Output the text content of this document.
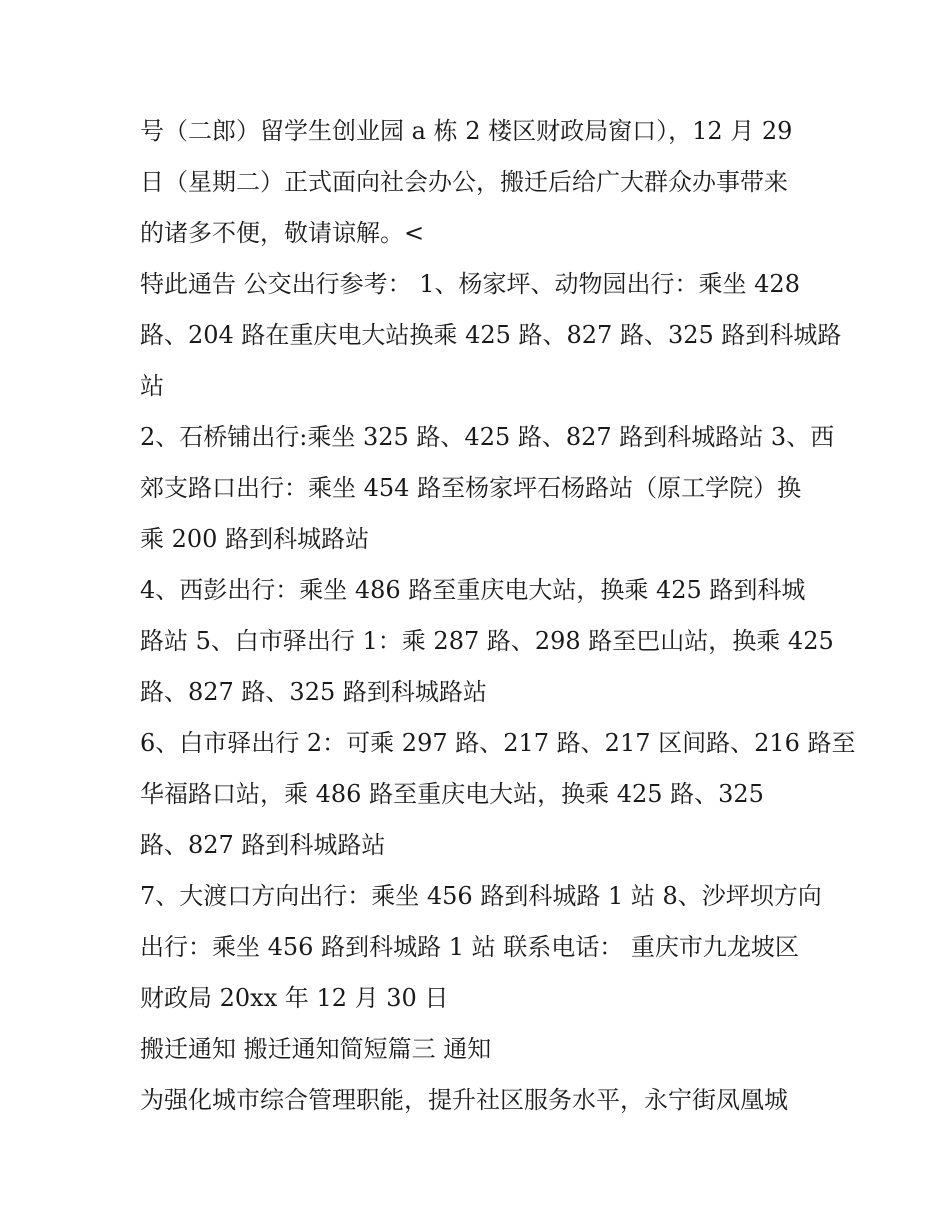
号（二郎）留学生创业园 a 栋 2 楼区财政局窗口），12 月 29
日（星期二）正式面向社会办公，搬迁后给广大群众办事带来
的诸多不便，敬请谅解。<
特此通告 公交出行参考： 1、杨家坪、动物园出行：乘坐 428
路、204 路在重庆电大站换乘 425 路、827 路、325 路到科城路
站
2、石桥铺出行:乘坐 325 路、425 路、827 路到科城路站 3、西
郊支路口出行：乘坐 454 路至杨家坪石杨路站（原工学院）换
乘 200 路到科城路站
4、西彭出行：乘坐 486 路至重庆电大站，换乘 425 路到科城
路站 5、白市驿出行 1：乘 287 路、298 路至巴山站，换乘 425
路、827 路、325 路到科城路站
6、白市驿出行 2：可乘 297 路、217 路、217 区间路、216 路至
华福路口站，乘 486 路至重庆电大站，换乘 425 路、325
路、827 路到科城路站
7、大渡口方向出行：乘坐 456 路到科城路 1 站 8、沙坪坝方向
出行：乘坐 456 路到科城路 1 站 联系电话： 重庆市九龙坡区
财政局 20xx 年 12 月 30 日
搬迁通知 搬迁通知简短篇三 通知
为强化城市综合管理职能，提升社区服务水平，永宁街凤凰城
